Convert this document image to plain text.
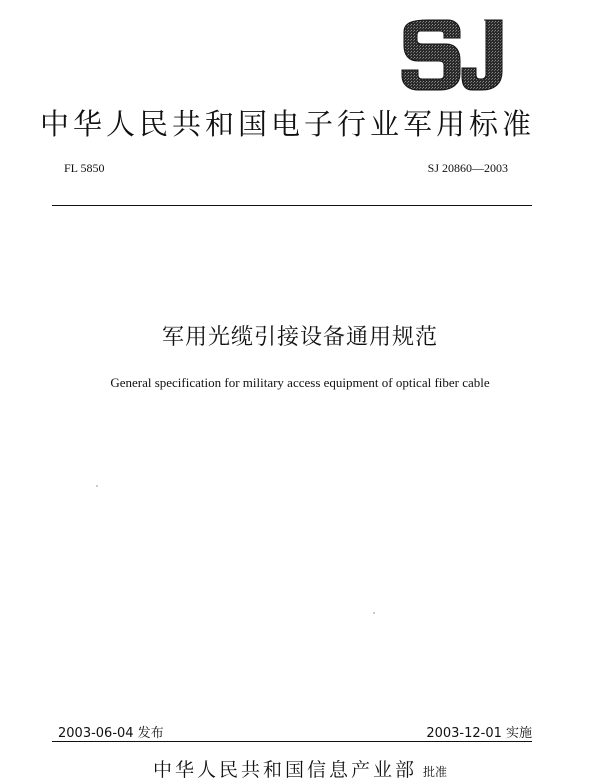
中华人民共和国电子行业军用标准
FL 5850	SJ 20860—2003
军用光缆引接设备通用规范
General specification for military access equipment of optical fiber cable
2003-06-04 发布	2003-12-01 实施
中华人民共和国信息产业部 批准
